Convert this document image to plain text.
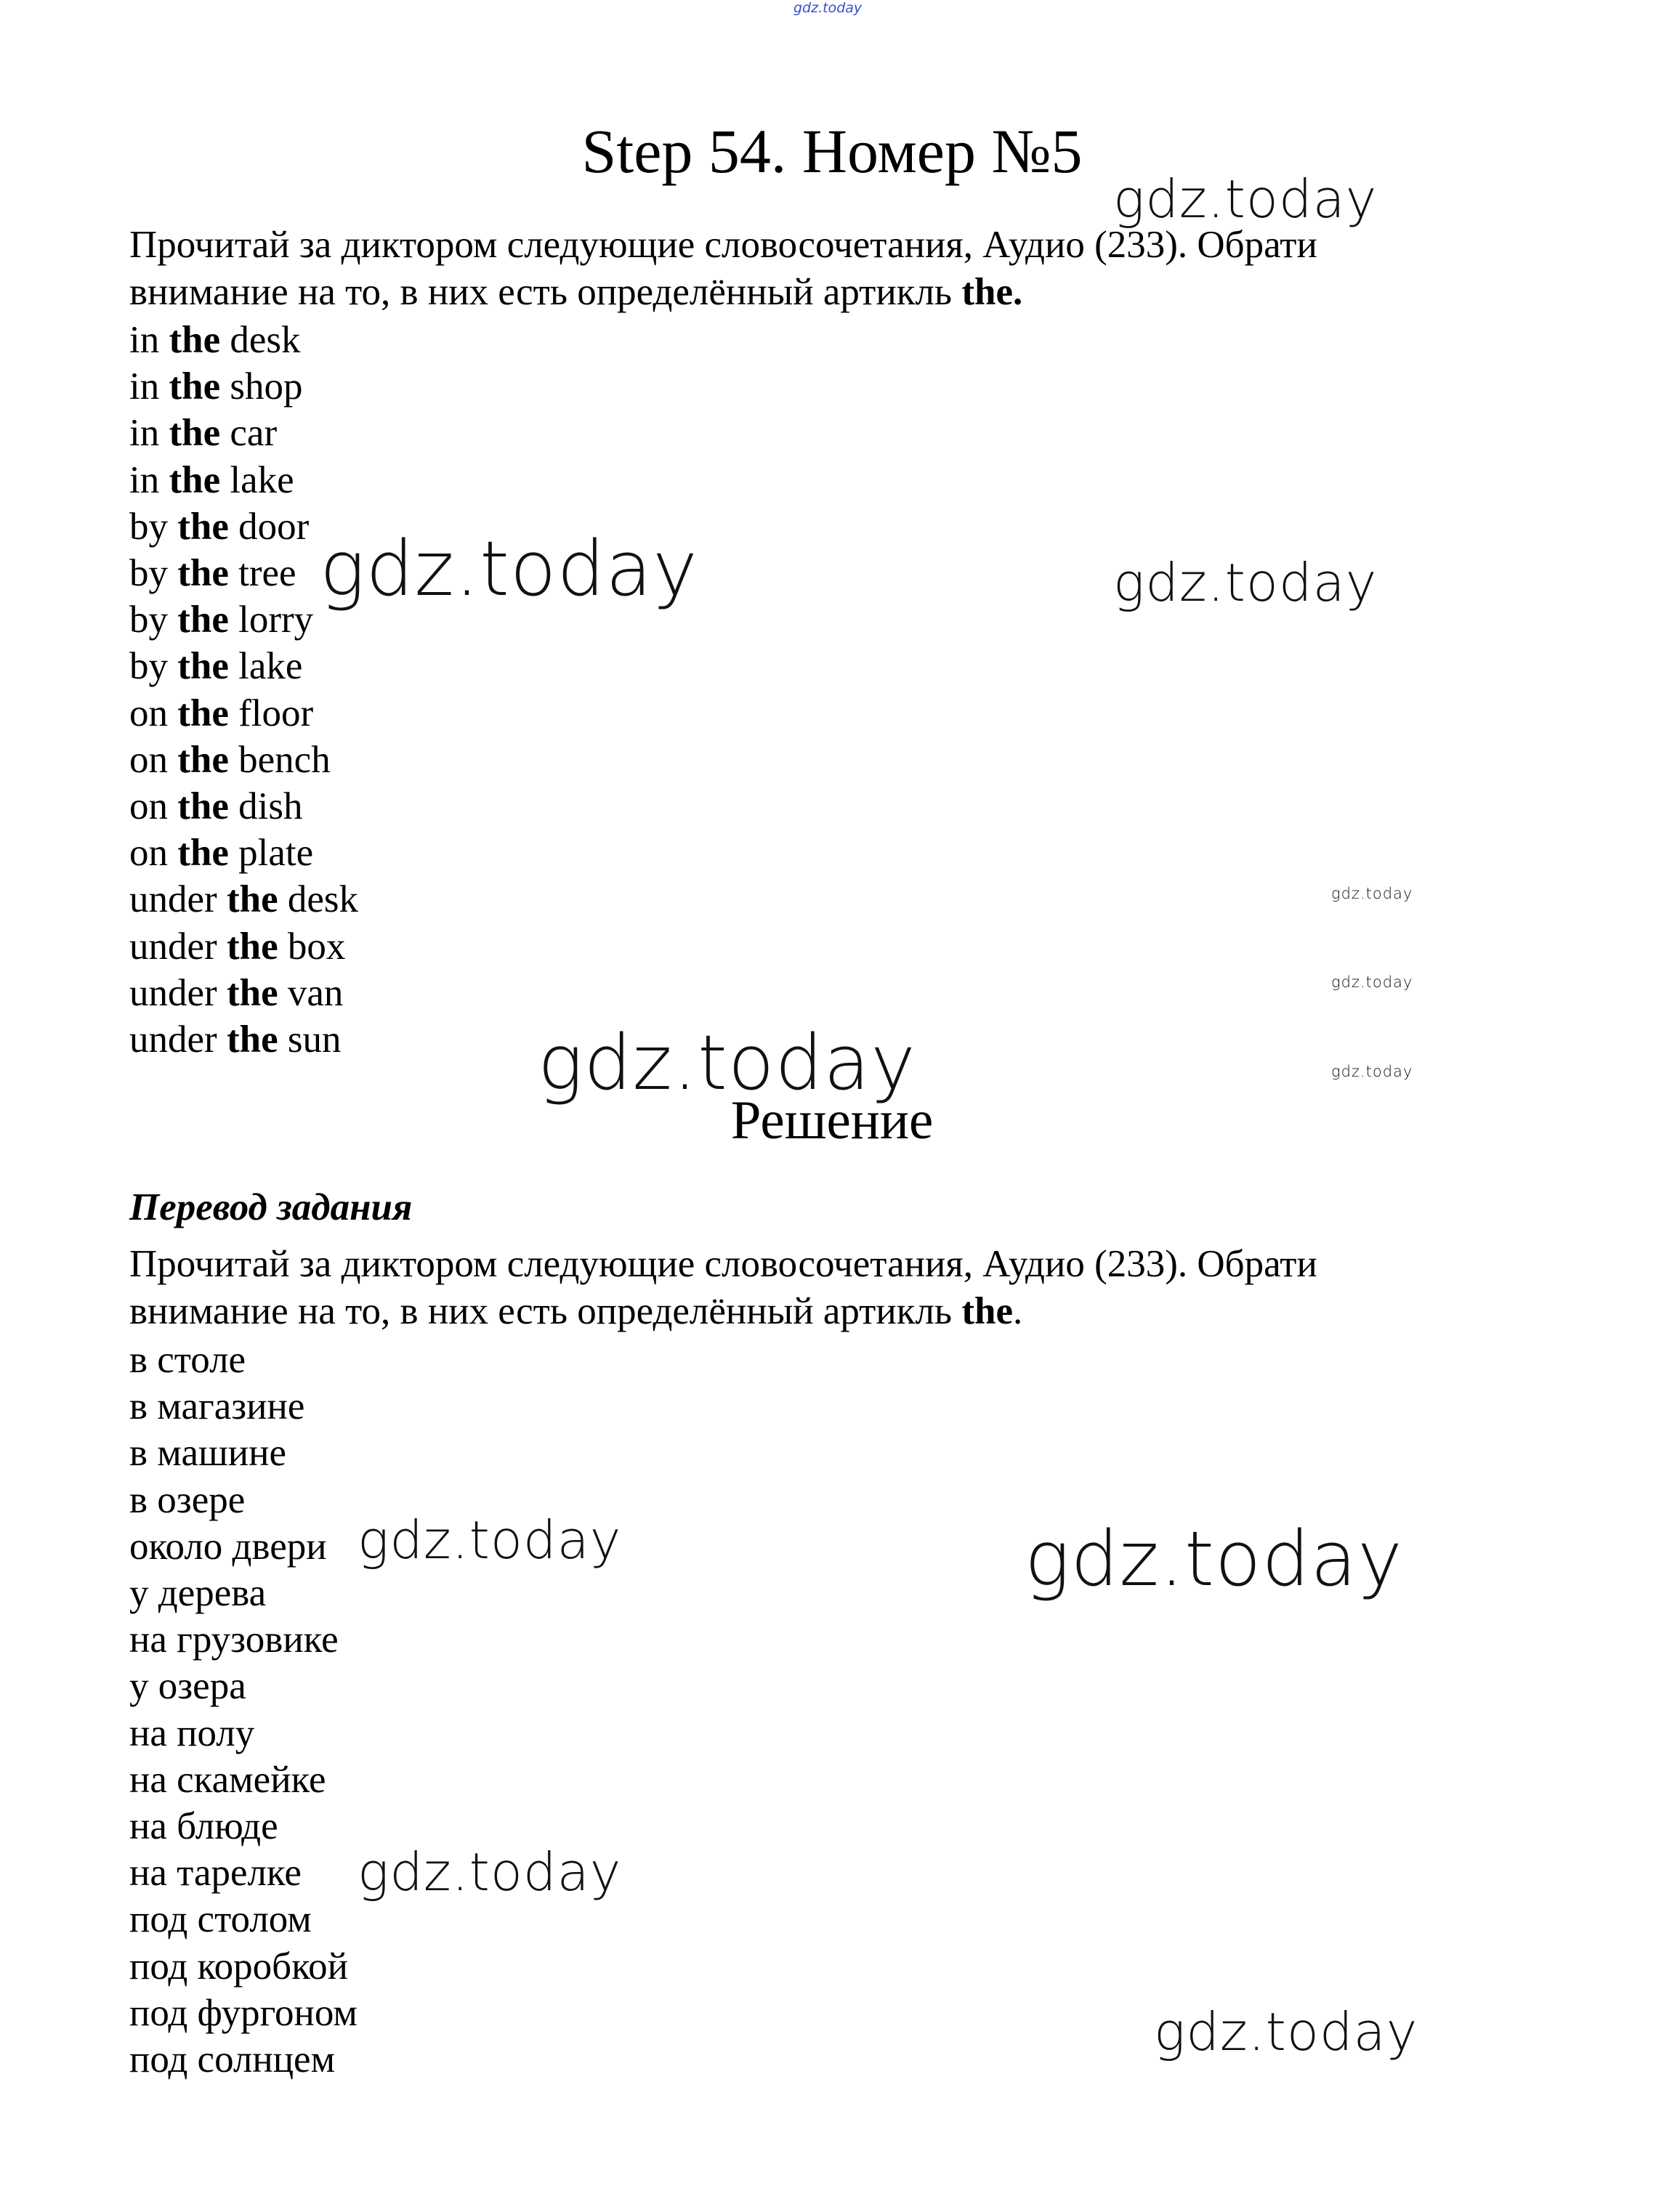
gdz.today
Step 54. Номер №5
Прочитай за диктором следующие словосочетания, Аудио (233). Обрати
внимание на то, в них есть определённый артикль the.
in the desk
in the shop
in the car
in the lake
by the door
by the tree
by the lorry
by the lake
on the floor
on the bench
on the dish
on the plate
under the desk
under the box
under the van
under the sun
Решение
Перевод задания
Прочитай за диктором следующие словосочетания, Аудио (233). Обрати
внимание на то, в них есть определённый артикль the.
в столе
в магазине
в машине
в озере
около двери
у дерева
на грузовике
у озера
на полу
на скамейке
на блюде
на тарелке
под столом
под коробкой
под фургоном
под солнцем
gdz.today
gdz.today	gdz.today
gdz.today
gdz.today
gdz.today	gdz.today
gdz.today	gdz.today
gdz.today
gdz.today
